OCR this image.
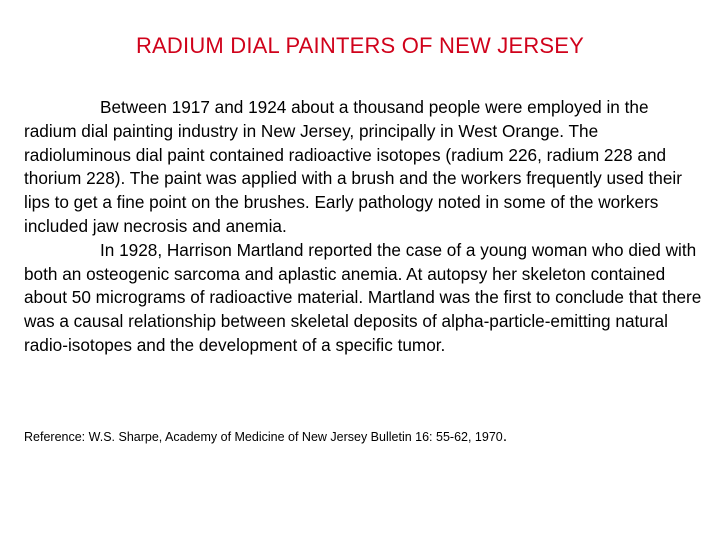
RADIUM DIAL PAINTERS OF NEW JERSEY

Between 1917 and 1924 about a thousand people were employed in the radium dial painting industry in New Jersey, principally in West Orange. The radioluminous dial paint contained radioactive isotopes (radium 226, radium 228 and thorium 228). The paint was applied with a brush and the workers frequently used their lips to get a fine point on the brushes. Early pathology noted in some of the workers included jaw necrosis and anemia.

In 1928, Harrison Martland reported the case of a young woman who died with both an osteogenic sarcoma and aplastic anemia. At autopsy her skeleton contained about 50 micrograms of radioactive material. Martland was the first to conclude that there was a causal relationship between skeletal deposits of alpha-particle-emitting natural radio-isotopes and the development of a specific tumor.

Reference: W.S. Sharpe, Academy of Medicine of New Jersey Bulletin 16: 55-62, 1970.
